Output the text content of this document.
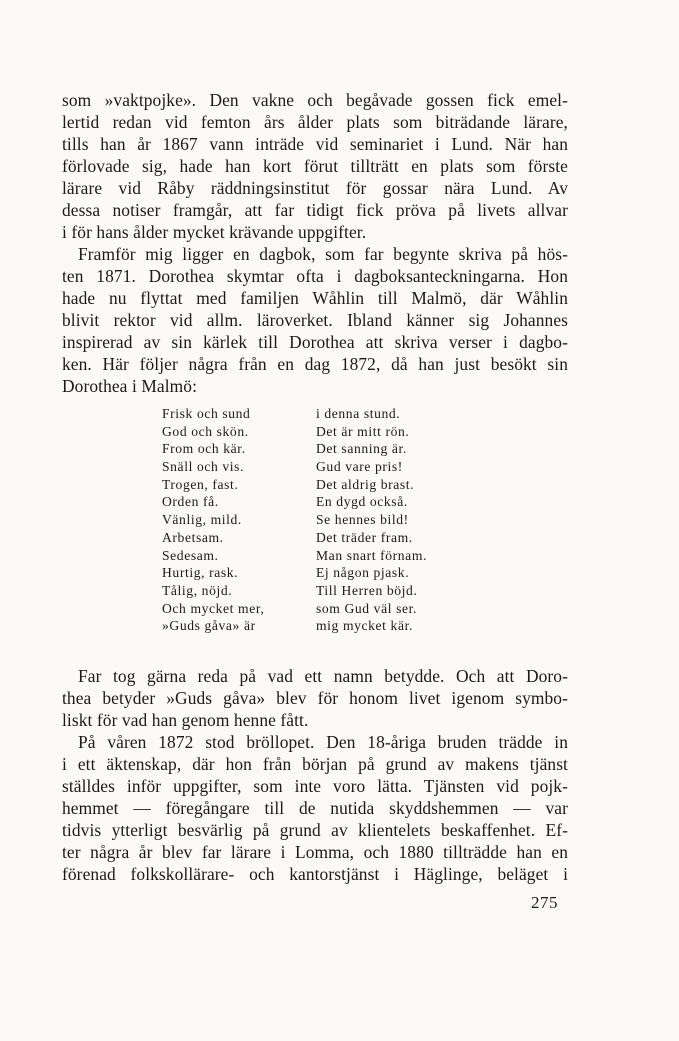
som »vaktpojke». Den vakne och begåvade gossen fick emel-
lertid redan vid femton års ålder plats som biträdande lärare,
tills han år 1867 vann inträde vid seminariet i Lund. När han
förlovade sig, hade han kort förut tillträtt en plats som förste
lärare vid Råby räddningsinstitut för gossar nära Lund. Av
dessa notiser framgår, att far tidigt fick pröva på livets allvar
i för hans ålder mycket krävande uppgifter.
Framför mig ligger en dagbok, som far begynte skriva på hös-
ten 1871. Dorothea skymtar ofta i dagboksanteckningarna. Hon
hade nu flyttat med familjen Wåhlin till Malmö, där Wåhlin
blivit rektor vid allm. läroverket. Ibland känner sig Johannes
inspirerad av sin kärlek till Dorothea att skriva verser i dagbo-
ken. Här följer några från en dag 1872, då han just besökt sin
Dorothea i Malmö:
Frisk och sund
God och skön.
From och kär.
Snäll och vis.
Trogen, fast.
Orden få.
Vänlig, mild.
Arbetsam.
Sedesam.
Hurtig, rask.
Tålig, nöjd.
Och mycket mer,
»Guds gåva» är
i denna stund.
Det är mitt rön.
Det sanning är.
Gud vare pris!
Det aldrig brast.
En dygd också.
Se hennes bild!
Det träder fram.
Man snart förnam.
Ej någon pjask.
Till Herren böjd.
som Gud väl ser.
mig mycket kär.
Far tog gärna reda på vad ett namn betydde. Och att Doro-
thea betyder »Guds gåva» blev för honom livet igenom symbo-
liskt för vad han genom henne fått.
På våren 1872 stod bröllopet. Den 18-åriga bruden trädde in
i ett äktenskap, där hon från början på grund av makens tjänst
ställdes inför uppgifter, som inte voro lätta. Tjänsten vid pojk-
hemmet — föregångare till de nutida skyddshemmen — var
tidvis ytterligt besvärlig på grund av klientelets beskaffenhet. Ef-
ter några år blev far lärare i Lomma, och 1880 tillträdde han en
förenad folkskollärare- och kantorstjänst i Häglinge, beläget i
275
